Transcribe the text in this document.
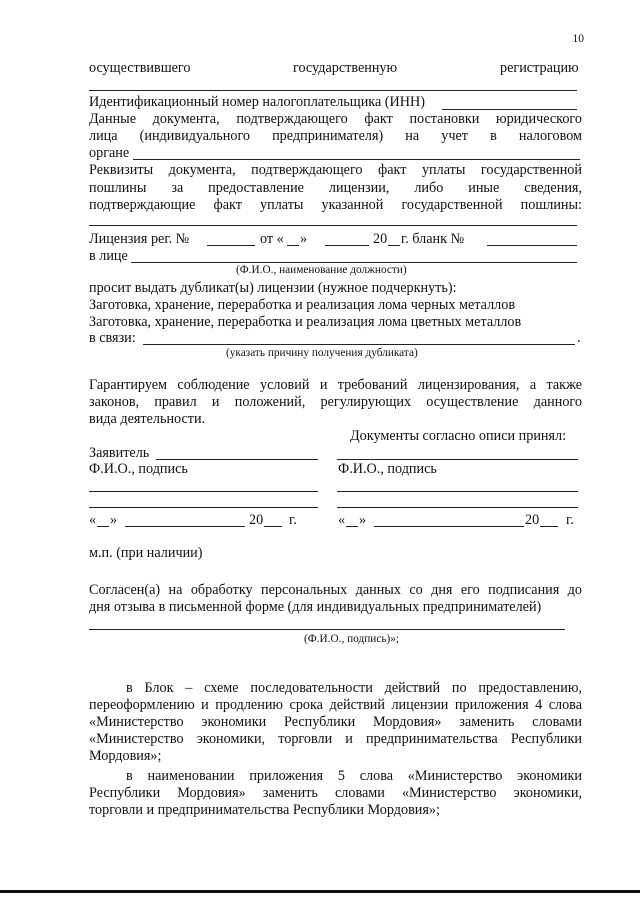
10
осуществившего	государственную	регистрацию
Идентификационный номер налогоплательщика (ИНН)
Данные документа, подтверждающего факт постановки юридического
лица (индивидуального предпринимателя) на учет в налоговом
органе
Реквизиты документа, подтверждающего факт уплаты государственной
пошлины за предоставление лицензии, либо иные сведения,
подтверждающие факт уплаты указанной государственной пошлины:
Лицензия рег. №	от « »	20 г. бланк №
в лице
(Ф.И.О., наименование должности)
просит выдать дубликат(ы) лицензии (нужное подчеркнуть):
Заготовка, хранение, переработка и реализация лома черных металлов
Заготовка, хранение, переработка и реализация лома цветных металлов
в связи:	.
(указать причину получения дубликата)
Гарантируем соблюдение условий и требований лицензирования, а также
законов, правил и положений, регулирующих осуществление данного
вида деятельности.
Документы согласно описи принял:
Заявитель
Ф.И.О., подпись	Ф.И.О., подпись
« »	20 г.	« »	20 г.
м.п. (при наличии)
Согласен(а) на обработку персональных данных со дня его подписания до
дня отзыва в письменной форме (для индивидуальных предпринимателей)
(Ф.И.О., подпись)»;
в Блок – схеме последовательности действий по предоставлению,
переоформлению и продлению срока действий лицензии приложения 4 слова
«Министерство экономики Республики Мордовия» заменить словами
«Министерство экономики, торговли и предпринимательства Республики
Мордовия»;
в наименовании приложения 5 слова «Министерство экономики
Республики Мордовия» заменить словами «Министерство экономики,
торговли и предпринимательства Республики Мордовия»;
